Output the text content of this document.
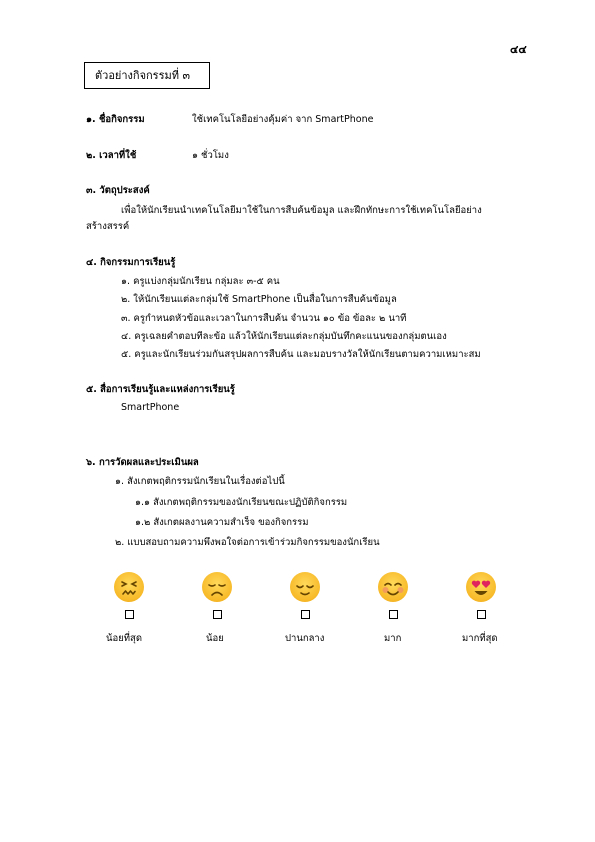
๔๔
ตัวอย่างกิจกรรมที่ ๓
๑. ชื่อกิจกรรม	ใช้เทคโนโลยีอย่างคุ้มค่า จาก SmartPhone
๒. เวลาที่ใช้	๑ ชั่วโมง
๓. วัตถุประสงค์
เพื่อให้นักเรียนนำเทคโนโลยีมาใช้ในการสืบค้นข้อมูล และฝึกทักษะการใช้เทคโนโลยีอย่าง
สร้างสรรค์
๔. กิจกรรมการเรียนรู้
๑. ครูแบ่งกลุ่มนักเรียน กลุ่มละ ๓-๕ คน
๒. ให้นักเรียนแต่ละกลุ่มใช้ SmartPhone เป็นสื่อในการสืบค้นข้อมูล
๓. ครูกำหนดหัวข้อและเวลาในการสืบค้น จำนวน ๑๐ ข้อ ข้อละ ๒ นาที
๔. ครูเฉลยคำตอบทีละข้อ แล้วให้นักเรียนแต่ละกลุ่มบันทึกคะแนนของกลุ่มตนเอง
๕. ครูและนักเรียนร่วมกันสรุปผลการสืบค้น และมอบรางวัลให้นักเรียนตามความเหมาะสม
๕. สื่อการเรียนรู้และแหล่งการเรียนรู้
SmartPhone
๖. การวัดผลและประเมินผล
๑. สังเกตพฤติกรรมนักเรียนในเรื่องต่อไปนี้
๑.๑ สังเกตพฤติกรรมของนักเรียนขณะปฏิบัติกิจกรรม
๑.๒ สังเกตผลงานความสำเร็จ ของกิจกรรม
๒. แบบสอบถามความพึงพอใจต่อการเข้าร่วมกิจกรรมของนักเรียน
น้อยที่สุด	น้อย	ปานกลาง	มาก	มากที่สุด
